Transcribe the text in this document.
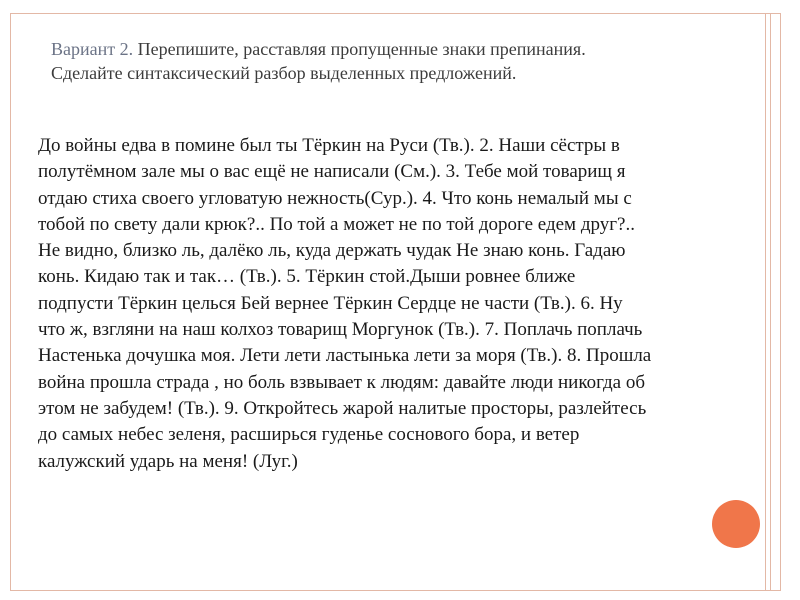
Вариант 2. Перепишите, расставляя пропущенные знаки препинания.
Сделайте синтаксический разбор выделенных предложений.
До войны едва в помине был ты Тёркин на Руси (Тв.). 2. Наши сёстры в
полутёмном зале мы о вас ещё не написали (См.). 3. Тебе мой товарищ я
отдаю стиха своего угловатую нежность(Сур.). 4. Что конь немалый мы с
тобой по свету дали крюк?.. По той а может не по той дороге едем друг?..
Не видно, близко ль, далёко ль, куда держать чудак Не знаю конь. Гадаю
конь. Кидаю так и так… (Тв.). 5. Тёркин стой.Дыши ровнее ближе
подпусти Тёркин целься Бей вернее Тёркин Сердце не части (Тв.). 6. Ну
что ж, взгляни на наш колхоз товарищ Моргунок (Тв.). 7. Поплачь поплачь
Настенька дочушка моя. Лети лети ластынька лети за моря (Тв.). 8. Прошла
война прошла страда , но боль взвывает к людям: давайте люди никогда об
этом не забудем! (Тв.). 9. Откройтесь жарой налитые просторы, разлейтесь
до самых небес зеленя, расширься гуденье соснового бора, и ветер
калужский ударь на меня! (Луг.)
